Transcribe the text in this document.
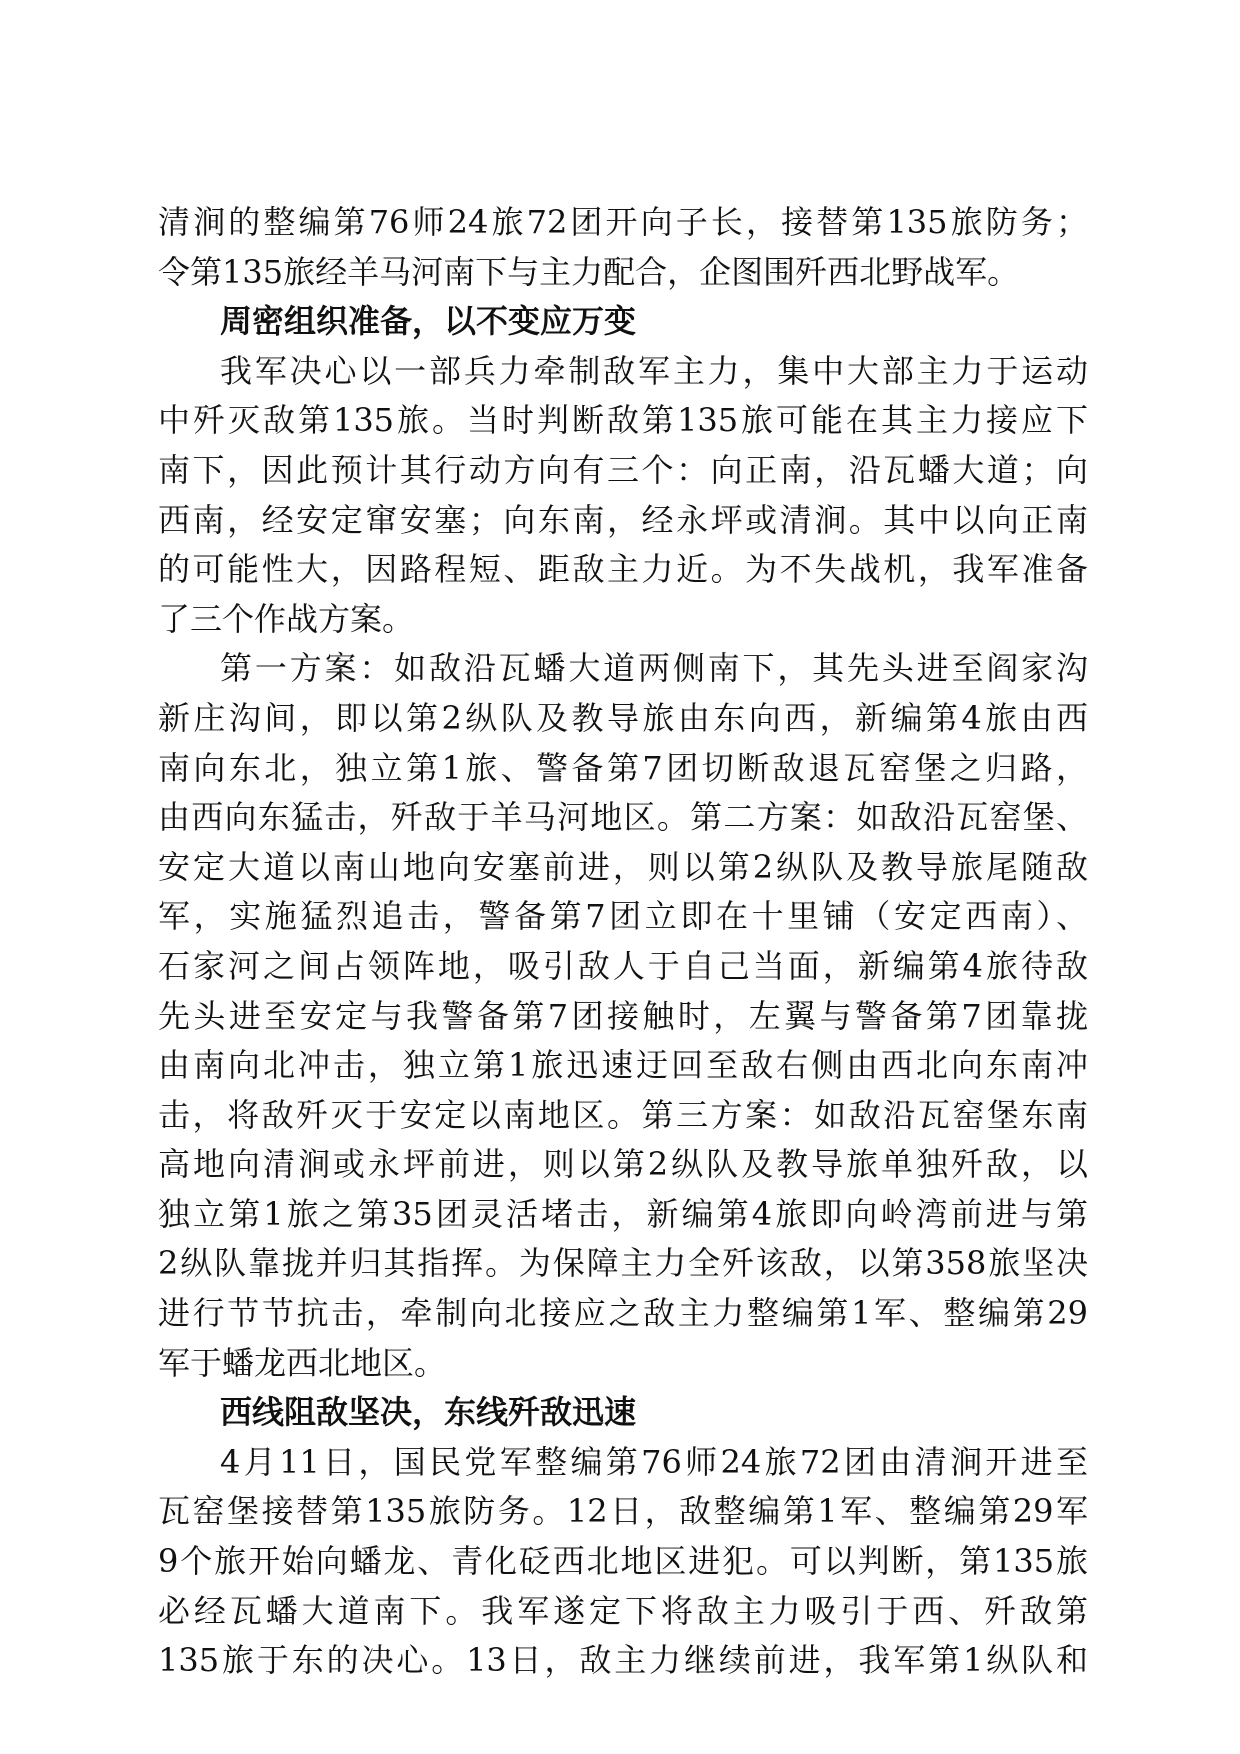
清涧的整编第76师24旅72团开向子长，接替第135旅防务；
令第135旅经羊马河南下与主力配合，企图围歼西北野战军。
周密组织准备，以不变应万变
我军决心以一部兵力牵制敌军主力，集中大部主力于运动
中歼灭敌第135旅。当时判断敌第135旅可能在其主力接应下
南下，因此预计其行动方向有三个：向正南，沿瓦蟠大道；向
西南，经安定窜安塞；向东南，经永坪或清涧。其中以向正南
的可能性大，因路程短、距敌主力近。为不失战机，我军准备
了三个作战方案。
第一方案：如敌沿瓦蟠大道两侧南下，其先头进至阎家沟
新庄沟间，即以第2纵队及教导旅由东向西，新编第4旅由西
南向东北，独立第1旅、警备第7团切断敌退瓦窑堡之归路，
由西向东猛击，歼敌于羊马河地区。第二方案：如敌沿瓦窑堡、
安定大道以南山地向安塞前进，则以第2纵队及教导旅尾随敌
军，实施猛烈追击，警备第7团立即在十里铺（安定西南）、
石家河之间占领阵地，吸引敌人于自己当面，新编第4旅待敌
先头进至安定与我警备第7团接触时，左翼与警备第7团靠拢
由南向北冲击，独立第1旅迅速迂回至敌右侧由西北向东南冲
击，将敌歼灭于安定以南地区。第三方案：如敌沿瓦窑堡东南
高地向清涧或永坪前进，则以第2纵队及教导旅单独歼敌，以
独立第1旅之第35团灵活堵击，新编第4旅即向岭湾前进与第
2纵队靠拢并归其指挥。为保障主力全歼该敌，以第358旅坚决
进行节节抗击，牵制向北接应之敌主力整编第1军、整编第29
军于蟠龙西北地区。
西线阻敌坚决，东线歼敌迅速
4月11日，国民党军整编第76师24旅72团由清涧开进至
瓦窑堡接替第135旅防务。12日，敌整编第1军、整编第29军
9个旅开始向蟠龙、青化砭西北地区进犯。可以判断，第135旅
必经瓦蟠大道南下。我军遂定下将敌主力吸引于西、歼敌第
135旅于东的决心。13日，敌主力继续前进，我军第1纵队和
